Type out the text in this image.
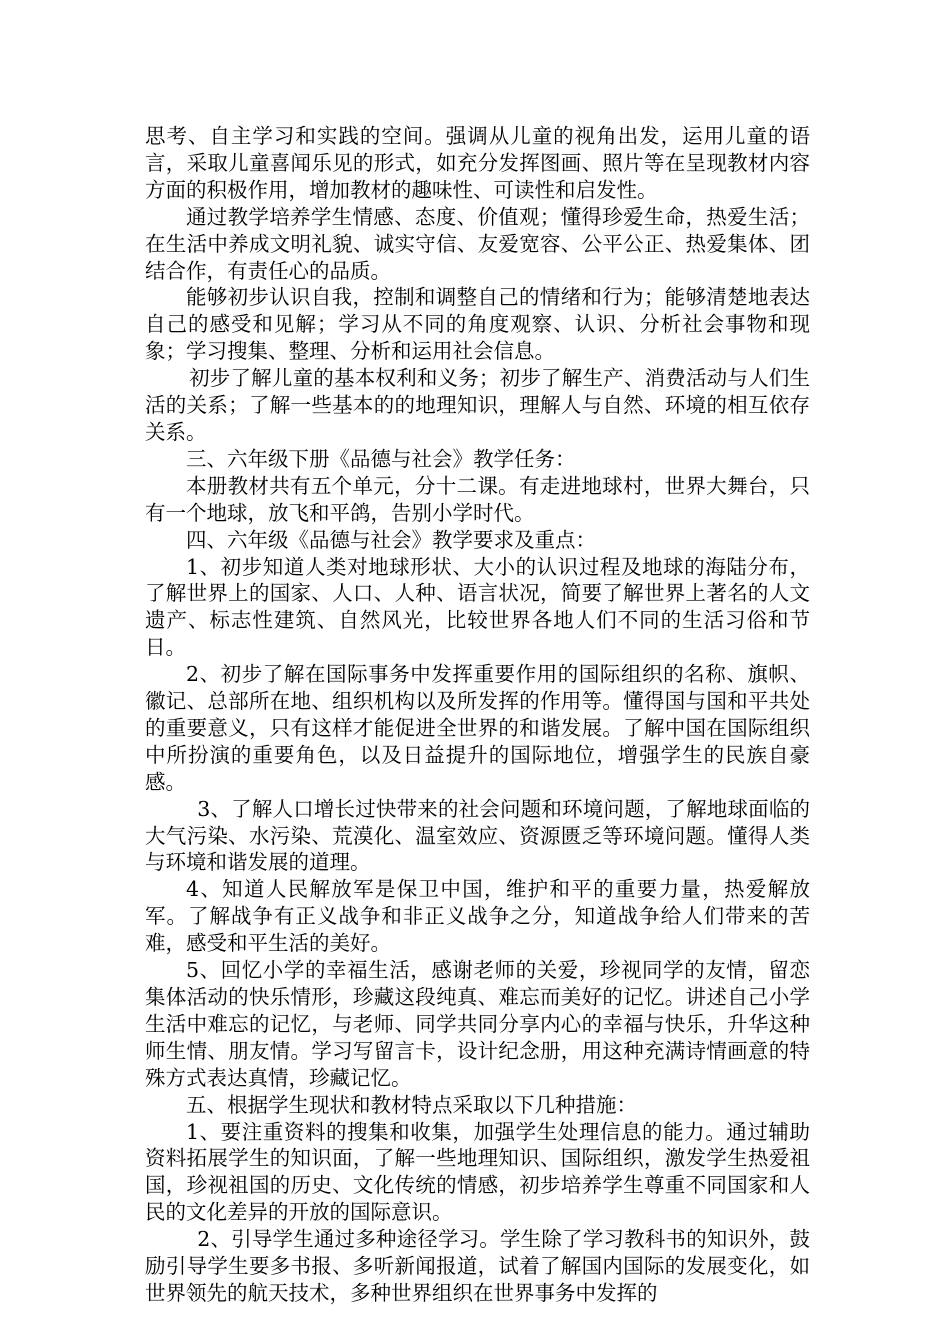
思考、自主学习和实践的空间。强调从儿童的视角出发，运用儿童的语言，采取儿童喜闻乐见的形式，如充分发挥图画、照片等在呈现教材内容方面的积极作用，增加教材的趣味性、可读性和启发性。

通过教学培养学生情感、态度、价值观；懂得珍爱生命，热爱生活；在生活中养成文明礼貌、诚实守信、友爱宽容、公平公正、热爱集体、团结合作，有责任心的品质。

能够初步认识自我，控制和调整自己的情绪和行为；能够清楚地表达自己的感受和见解；学习从不同的角度观察、认识、分析社会事物和现象；学习搜集、整理、分析和运用社会信息。

初步了解儿童的基本权利和义务；初步了解生产、消费活动与人们生活的关系；了解一些基本的的地理知识，理解人与自然、环境的相互依存关系。

三、六年级下册《品德与社会》教学任务：

本册教材共有五个单元，分十二课。有走进地球村，世界大舞台，只有一个地球，放飞和平鸽，告别小学时代。

四、六年级《品德与社会》教学要求及重点：

1、初步知道人类对地球形状、大小的认识过程及地球的海陆分布，了解世界上的国家、人口、人种、语言状况，简要了解世界上著名的人文遗产、标志性建筑、自然风光，比较世界各地人们不同的生活习俗和节日。

2、初步了解在国际事务中发挥重要作用的国际组织的名称、旗帜、徽记、总部所在地、组织机构以及所发挥的作用等。懂得国与国和平共处的重要意义，只有这样才能促进全世界的和谐发展。了解中国在国际组织中所扮演的重要角色，以及日益提升的国际地位，增强学生的民族自豪感。

3、了解人口增长过快带来的社会问题和环境问题，了解地球面临的大气污染、水污染、荒漠化、温室效应、资源匮乏等环境问题。懂得人类与环境和谐发展的道理。

4、知道人民解放军是保卫中国，维护和平的重要力量，热爱解放军。了解战争有正义战争和非正义战争之分，知道战争给人们带来的苦难，感受和平生活的美好。

5、回忆小学的幸福生活，感谢老师的关爱，珍视同学的友情，留恋集体活动的快乐情形，珍藏这段纯真、难忘而美好的记忆。讲述自己小学生活中难忘的记忆，与老师、同学共同分享内心的幸福与快乐，升华这种师生情、朋友情。学习写留言卡，设计纪念册，用这种充满诗情画意的特殊方式表达真情，珍藏记忆。

五、根据学生现状和教材特点采取以下几种措施：

1、要注重资料的搜集和收集，加强学生处理信息的能力。通过辅助资料拓展学生的知识面，了解一些地理知识、国际组织，激发学生热爱祖国，珍视祖国的历史、文化传统的情感，初步培养学生尊重不同国家和人民的文化差异的开放的国际意识。

2、引导学生通过多种途径学习。学生除了学习教科书的知识外，鼓励引导学生要多书报、多听新闻报道，试着了解国内国际的发展变化，如世界领先的航天技术，多种世界组织在世界事务中发挥的
